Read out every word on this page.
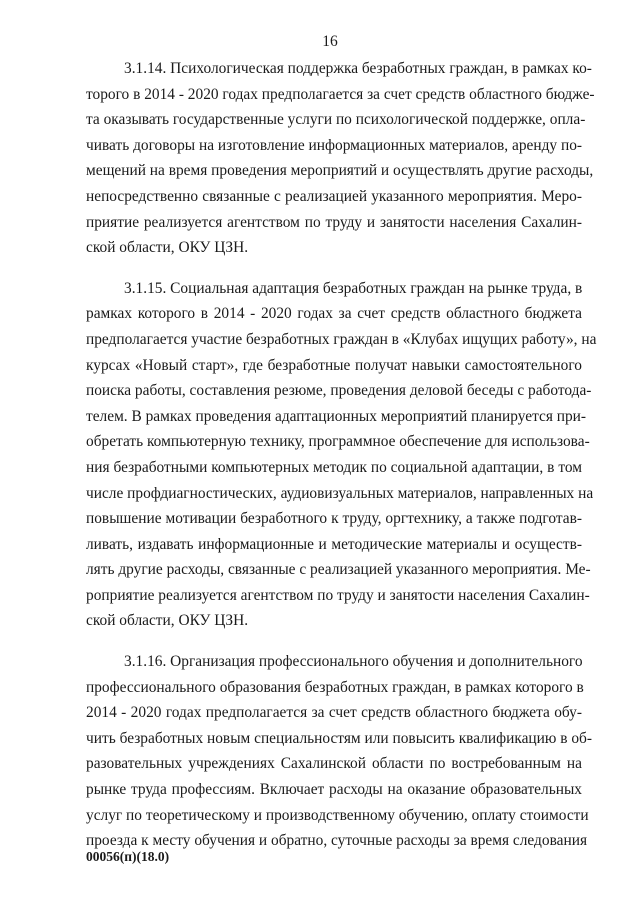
16

3.1.14. Психологическая поддержка безработных граждан, в рамках ко-
торого в 2014 - 2020 годах предполагается за счет средств областного бюдже-
та оказывать государственные услуги по психологической поддержке, опла-
чивать договоры на изготовление информационных материалов, аренду по-
мещений на время проведения мероприятий и осуществлять другие расходы,
непосредственно связанные с реализацией указанного мероприятия. Меро-
приятие реализуется агентством по труду и занятости населения Сахалин-
ской области, ОКУ ЦЗН.

3.1.15. Социальная адаптация безработных граждан на рынке труда, в
рамках которого в 2014 - 2020 годах за счет средств областного бюджета
предполагается участие безработных граждан в «Клубах ищущих работу», на
курсах «Новый старт», где безработные получат навыки самостоятельного
поиска работы, составления резюме, проведения деловой беседы с работода-
телем. В рамках проведения адаптационных мероприятий планируется при-
обретать компьютерную технику, программное обеспечение для использова-
ния безработными компьютерных методик по социальной адаптации, в том
числе профдиагностических, аудиовизуальных материалов, направленных на
повышение мотивации безработного к труду, оргтехнику, а также подготав-
ливать, издавать информационные и методические материалы и осуществ-
лять другие расходы, связанные с реализацией указанного мероприятия. Ме-
роприятие реализуется агентством по труду и занятости населения Сахалин-
ской области, ОКУ ЦЗН.

3.1.16. Организация профессионального обучения и дополнительного
профессионального образования безработных граждан, в рамках которого в
2014 - 2020 годах предполагается за счет средств областного бюджета обу-
чить безработных новым специальностям или повысить квалификацию в об-
разовательных учреждениях Сахалинской области по востребованным на
рынке труда профессиям. Включает расходы на оказание образовательных
услуг по теоретическому и производственному обучению, оплату стоимости
проезда к месту обучения и обратно, суточные расходы за время следования

00056(п)(18.0)
